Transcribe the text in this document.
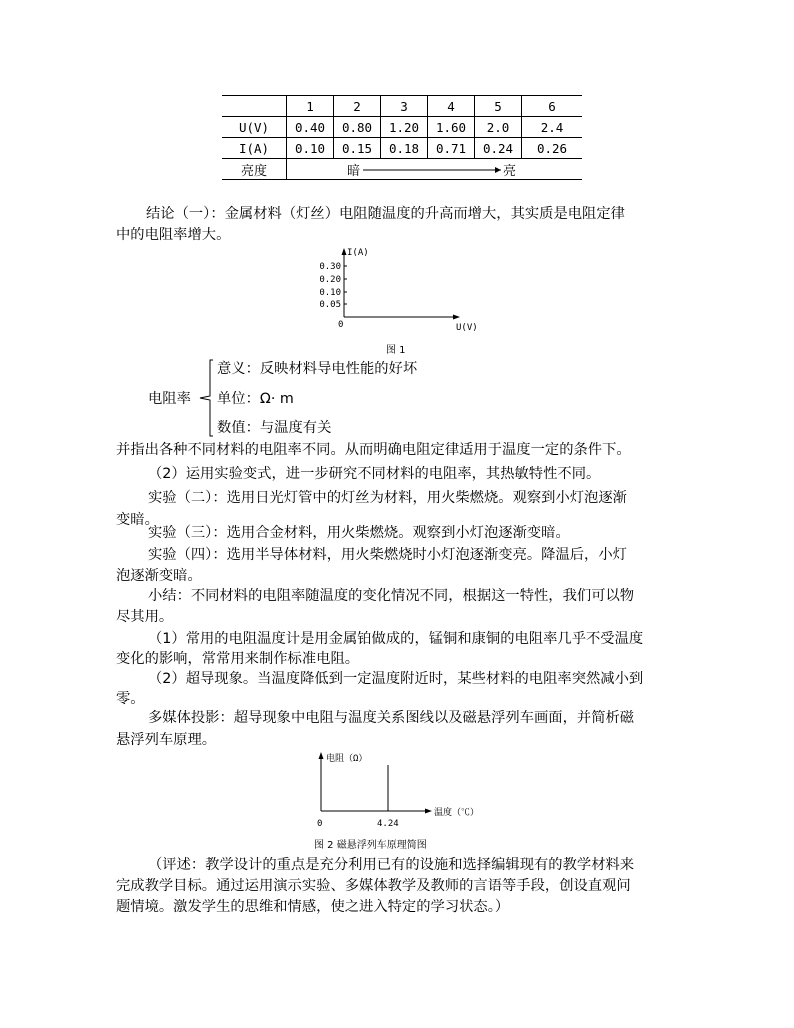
	1	2	3	4	5	6
U(V)	0.40	0.80	1.20	1.60	2.0	2.4
I(A)	0.10	0.15	0.18	0.71	0.24	0.26
亮度	暗 亮					
结论（一）：金属材料（灯丝）电阻随温度的升高而增大，其实质是电阻定律
中的电阻率增大。
I(A)
0.30
0.20
0.10
0.05
0	U(V)
图 1
电阻率
意义：反映材料导电性能的好坏
单位：Ω· m
数值：与温度有关
并指出各种不同材料的电阻率不同。从而明确电阻定律适用于温度一定的条件下。
（2）运用实验变式，进一步研究不同材料的电阻率，其热敏特性不同。
实验（二）：选用日光灯管中的灯丝为材料，用火柴燃烧。观察到小灯泡逐渐
变暗。
实验（三）：选用合金材料，用火柴燃烧。观察到小灯泡逐渐变暗。
实验（四）：选用半导体材料，用火柴燃烧时小灯泡逐渐变亮。降温后，小灯
泡逐渐变暗。
小结：不同材料的电阻率随温度的变化情况不同，根据这一特性，我们可以物
尽其用。
（1）常用的电阻温度计是用金属铂做成的，锰铜和康铜的电阻率几乎不受温度
变化的影响，常常用来制作标准电阻。
（2）超导现象。当温度降低到一定温度附近时，某些材料的电阻率突然减小到
零。
多媒体投影：超导现象中电阻与温度关系图线以及磁悬浮列车画面，并简析磁
悬浮列车原理。
电阻（Ω）
0	4.24
温度（℃）
图 2 磁悬浮列车原理简图
（评述：教学设计的重点是充分利用已有的设施和选择编辑现有的教学材料来
完成教学目标。通过运用演示实验、多媒体教学及教师的言语等手段，创设直观问
题情境。激发学生的思维和情感，使之进入特定的学习状态。）
